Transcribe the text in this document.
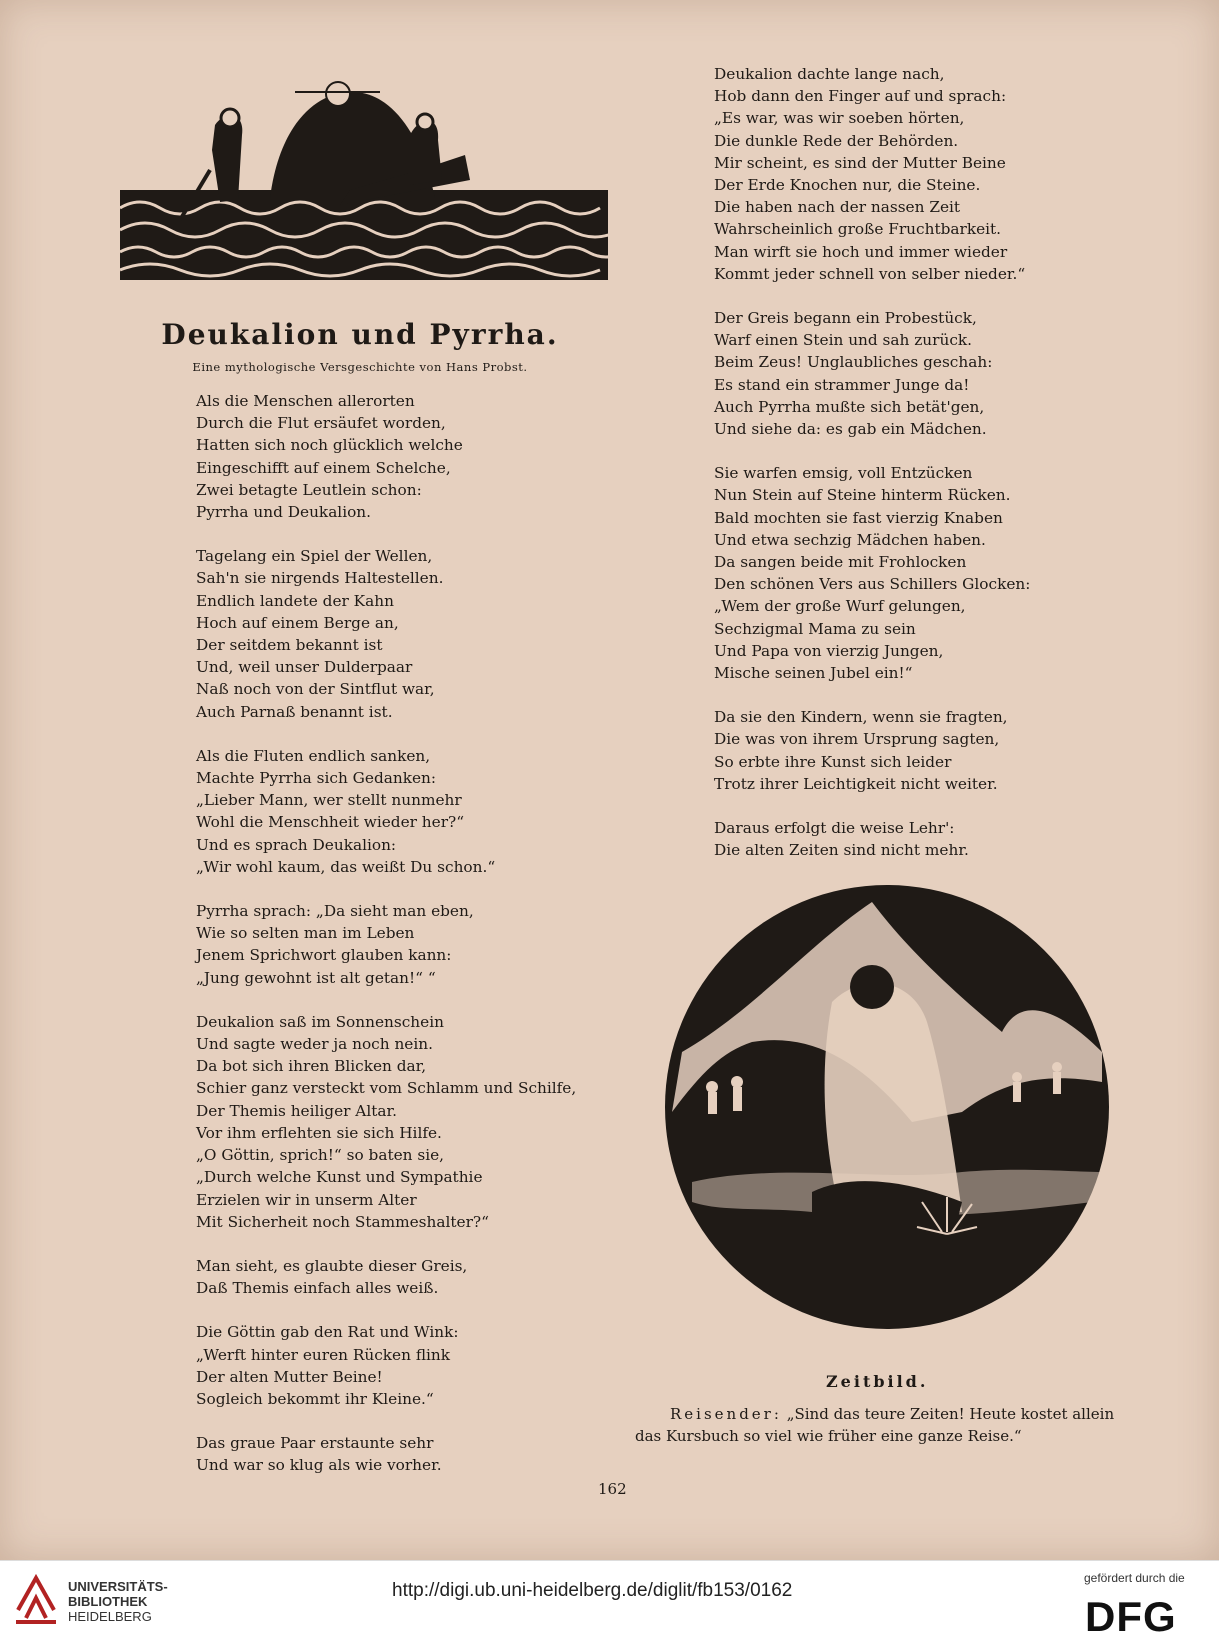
Deukalion und Pyrrha.
Eine mythologische Versgeschichte von Hans Probst.
Als die Menschen allerorten
Durch die Flut ersäufet worden,
Hatten sich noch glücklich welche
Eingeschifft auf einem Schelche,
Zwei betagte Leutlein schon:
Pyrrha und Deukalion.
Tagelang ein Spiel der Wellen,
Sah'n sie nirgends Haltestellen.
Endlich landete der Kahn
Hoch auf einem Berge an,
Der seitdem bekannt ist
Und, weil unser Dulderpaar
Naß noch von der Sintflut war,
Auch Parnaß benannt ist.
Als die Fluten endlich sanken,
Machte Pyrrha sich Gedanken:
„Lieber Mann, wer stellt nunmehr
Wohl die Menschheit wieder her?“
Und es sprach Deukalion:
„Wir wohl kaum, das weißt Du schon.“
Pyrrha sprach: „Da sieht man eben,
Wie so selten man im Leben
Jenem Sprichwort glauben kann:
„Jung gewohnt ist alt getan!“ “
Deukalion saß im Sonnenschein
Und sagte weder ja noch nein.
Da bot sich ihren Blicken dar,
Schier ganz versteckt vom Schlamm und Schilfe,
Der Themis heiliger Altar.
Vor ihm erflehten sie sich Hilfe.
„O Göttin, sprich!“ so baten sie,
„Durch welche Kunst und Sympathie
Erzielen wir in unserm Alter
Mit Sicherheit noch Stammeshalter?“
Man sieht, es glaubte dieser Greis,
Daß Themis einfach alles weiß.
Die Göttin gab den Rat und Wink:
„Werft hinter euren Rücken flink
Der alten Mutter Beine!
Sogleich bekommt ihr Kleine.“
Das graue Paar erstaunte sehr
Und war so klug als wie vorher.
Deukalion dachte lange nach,
Hob dann den Finger auf und sprach:
„Es war, was wir soeben hörten,
Die dunkle Rede der Behörden.
Mir scheint, es sind der Mutter Beine
Der Erde Knochen nur, die Steine.
Die haben nach der nassen Zeit
Wahrscheinlich große Fruchtbarkeit.
Man wirft sie hoch und immer wieder
Kommt jeder schnell von selber nieder.“
Der Greis begann ein Probestück,
Warf einen Stein und sah zurück.
Beim Zeus! Unglaubliches geschah:
Es stand ein strammer Junge da!
Auch Pyrrha mußte sich betät'gen,
Und siehe da: es gab ein Mädchen.
Sie warfen emsig, voll Entzücken
Nun Stein auf Steine hinterm Rücken.
Bald mochten sie fast vierzig Knaben
Und etwa sechzig Mädchen haben.
Da sangen beide mit Frohlocken
Den schönen Vers aus Schillers Glocken:
„Wem der große Wurf gelungen,
Sechzigmal Mama zu sein
Und Papa von vierzig Jungen,
Mische seinen Jubel ein!“
Da sie den Kindern, wenn sie fragten,
Die was von ihrem Ursprung sagten,
So erbte ihre Kunst sich leider
Trotz ihrer Leichtigkeit nicht weiter.
Daraus erfolgt die weise Lehr':
Die alten Zeiten sind nicht mehr.
Zeitbild.
Reisender: „Sind das teure Zeiten! Heute kostet allein
das Kursbuch so viel wie früher eine ganze Reise.“
162
UNIVERSITÄTS-
BIBLIOTHEK
HEIDELBERG
http://digi.ub.uni-heidelberg.de/diglit/fb153/0162
gefördert durch die
DFG
